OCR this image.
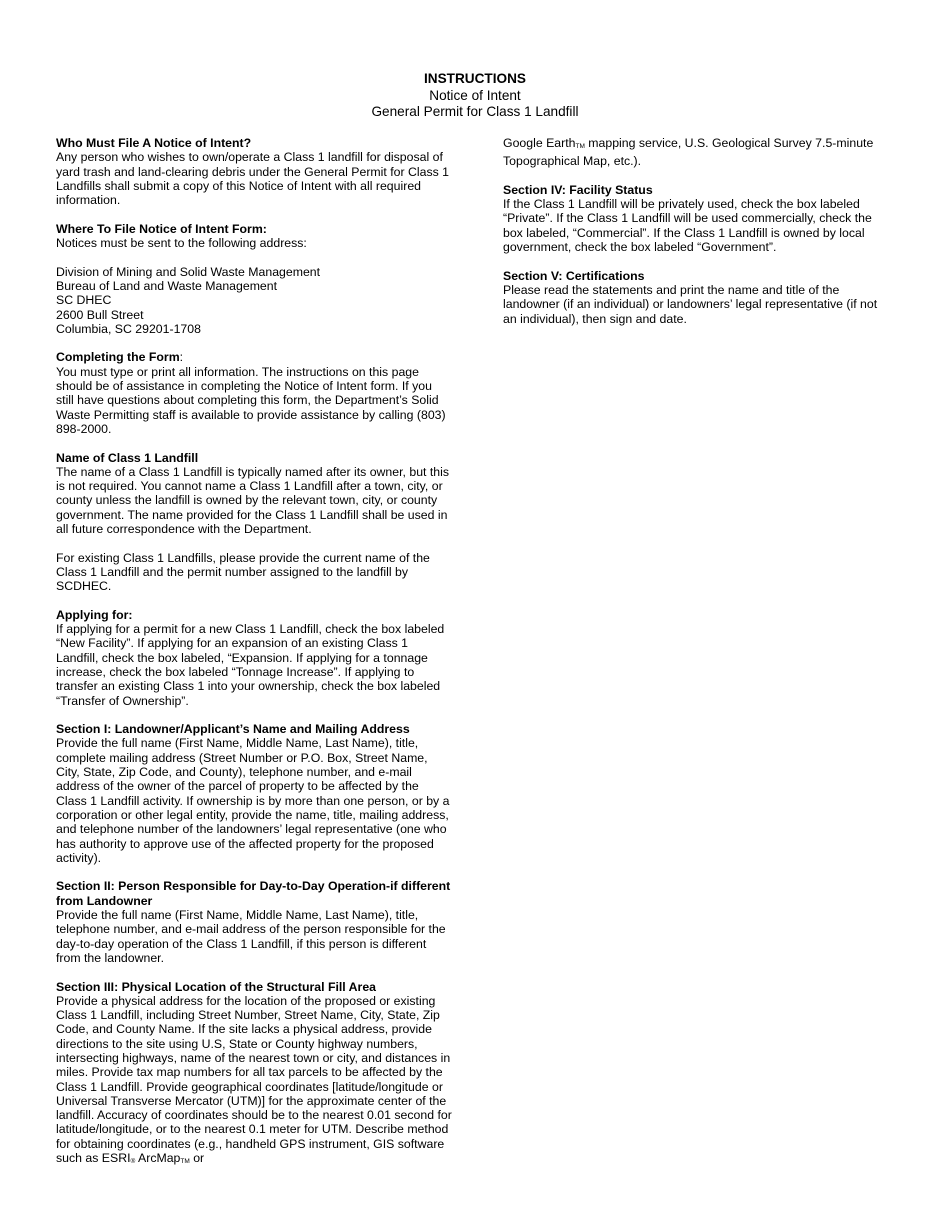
INSTRUCTIONS
Notice of Intent
General Permit for Class 1 Landfill
Who Must File A Notice of Intent?

Any person who wishes to own/operate a Class 1 landfill for disposal of yard trash and land-clearing debris under the General Permit for Class 1 Landfills shall submit a copy of this Notice of Intent with all required information.

Where To File Notice of Intent Form:

Notices must be sent to the following address:

Division of Mining and Solid Waste Management
Bureau of Land and Waste Management
SC DHEC
2600 Bull Street
Columbia, SC 29201-1708
Completing the Form:

You must type or print all information. The instructions on this page should be of assistance in completing the Notice of Intent form. If you still have questions about completing this form, the Department’s Solid Waste Permitting staff is available to provide assistance by calling (803) 898-2000.

Name of Class 1 Landfill

The name of a Class 1 Landfill is typically named after its owner, but this is not required. You cannot name a Class 1 Landfill after a town, city, or county unless the landfill is owned by the relevant town, city, or county government. The name provided for the Class 1 Landfill shall be used in all future correspondence with the Department.

For existing Class 1 Landfills, please provide the current name of the Class 1 Landfill and the permit number assigned to the landfill by SCDHEC.

Applying for:

If applying for a permit for a new Class 1 Landfill, check the box labeled “New Facility”. If applying for an expansion of an existing Class 1 Landfill, check the box labeled, “Expansion. If applying for a tonnage increase, check the box labeled “Tonnage Increase”. If applying to transfer an existing Class 1 into your ownership, check the box labeled “Transfer of Ownership”.

Section I: Landowner/Applicant’s Name and Mailing Address

Provide the full name (First Name, Middle Name, Last Name), title, complete mailing address (Street Number or P.O. Box, Street Name, City, State, Zip Code, and County), telephone number, and e-mail address of the owner of the parcel of property to be affected by the Class 1 Landfill activity. If ownership is by more than one person, or by a corporation or other legal entity, provide the name, title, mailing address, and telephone number of the landowners’ legal representative (one who has authority to approve use of the affected property for the proposed activity).

Section II: Person Responsible for Day-to-Day Operation-if different from Landowner

Provide the full name (First Name, Middle Name, Last Name), title, telephone number, and e-mail address of the person responsible for the day-to-day operation of the Class 1 Landfill, if this person is different from the landowner.

Section III: Physical Location of the Structural Fill Area

Provide a physical address for the location of the proposed or existing Class 1 Landfill, including Street Number, Street Name, City, State, Zip Code, and County Name. If the site lacks a physical address, provide directions to the site using U.S, State or County highway numbers, intersecting highways, name of the nearest town or city, and distances in miles. Provide tax map numbers for all tax parcels to be affected by the Class 1 Landfill. Provide geographical coordinates [latitude/longitude or Universal Transverse Mercator (UTM)] for the approximate center of the landfill. Accuracy of coordinates should be to the nearest 0.01 second for latitude/longitude, or to the nearest 0.1 meter for UTM. Describe method for obtaining coordinates (e.g., handheld GPS instrument, GIS software such as ESRI® ArcMapTM or

Google EarthTM mapping service, U.S. Geological Survey 7.5-minute Topographical Map, etc.).

Section IV: Facility Status

If the Class 1 Landfill will be privately used, check the box labeled “Private”. If the Class 1 Landfill will be used commercially, check the box labeled, “Commercial”. If the Class 1 Landfill is owned by local government, check the box labeled “Government”.

Section V: Certifications

Please read the statements and print the name and title of the landowner (if an individual) or landowners’ legal representative (if not an individual), then sign and date.
